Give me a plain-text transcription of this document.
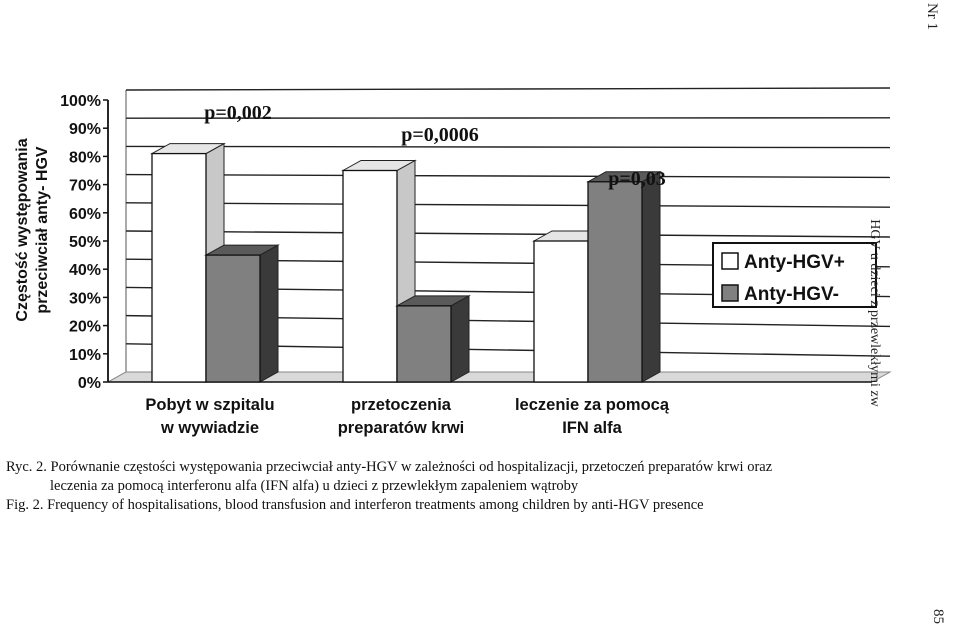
0%
10%
20%
30%
40%
50%
60%
70%
80%
90%
100%
Częstość występowania przeciwciał anty- HGV
Pobyt w szpitalu
w wywiadzie
przetoczenia
preparatów krwi
leczenie za pomocą
IFN alfa
p=0,002
p=0,0006
p=0,03
Anty-HGV+
Anty-HGV-
Nr 1
HGV u dzieci z przewlekłymi zw
85
Ryc. 2. Porównanie częstości występowania przeciwciał anty-HGV w zależności od hospitalizacji, przetoczeń preparatów krwi oraz
leczenia za pomocą interferonu alfa (IFN alfa) u dzieci z przewlekłym zapaleniem wątroby
Fig. 2. Frequency of hospitalisations, blood transfusion and interferon treatments among children by anti-HGV presence
